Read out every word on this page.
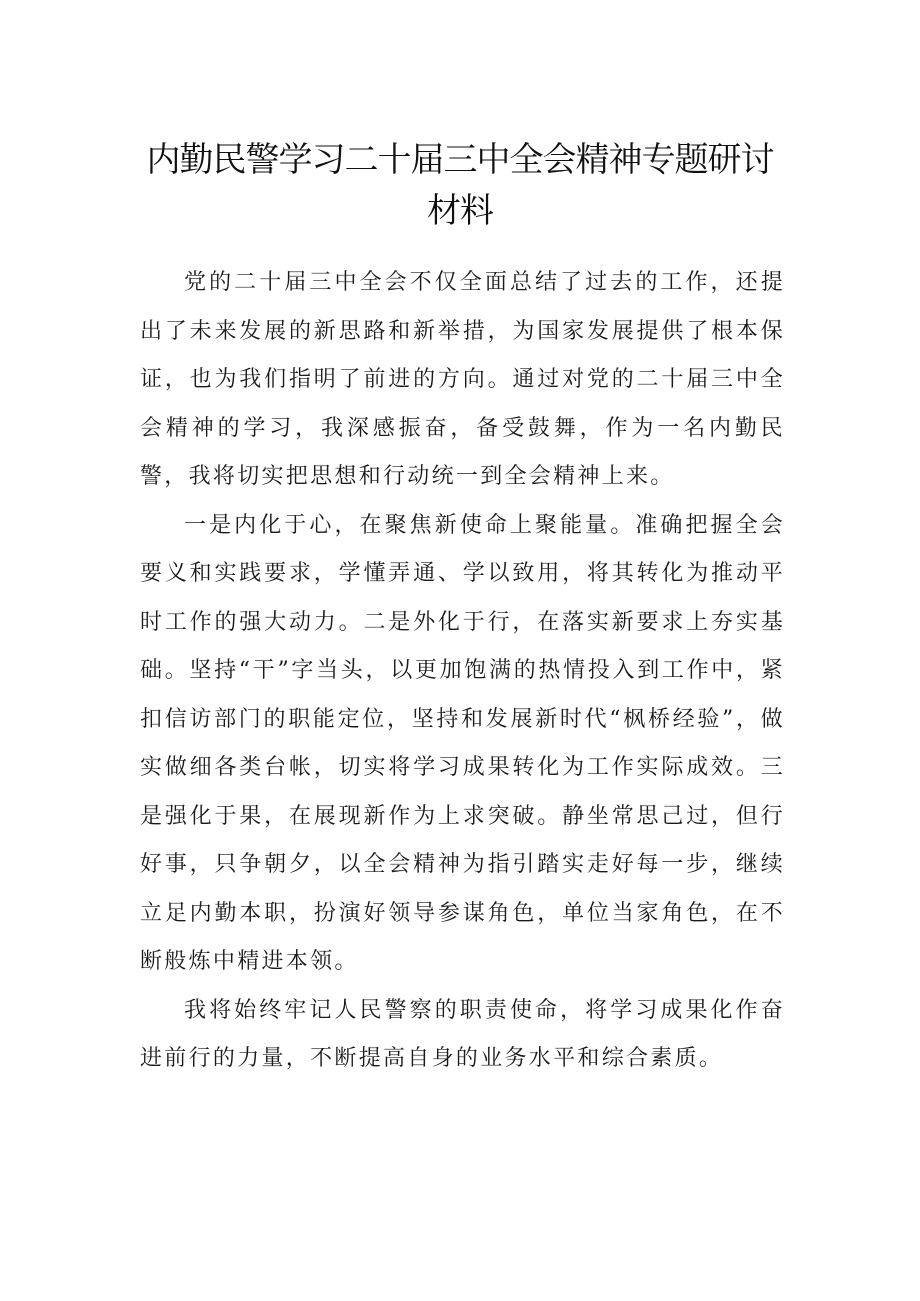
内勤民警学习二十届三中全会精神专题研讨材料

党的二十届三中全会不仅全面总结了过去的工作，还提出了未来发展的新思路和新举措，为国家发展提供了根本保证，也为我们指明了前进的方向。通过对党的二十届三中全会精神的学习，我深感振奋，备受鼓舞，作为一名内勤民警，我将切实把思想和行动统一到全会精神上来。

一是内化于心，在聚焦新使命上聚能量。准确把握全会要义和实践要求，学懂弄通、学以致用，将其转化为推动平时工作的强大动力。二是外化于行，在落实新要求上夯实基础。坚持“干”字当头，以更加饱满的热情投入到工作中，紧扣信访部门的职能定位，坚持和发展新时代“枫桥经验”，做实做细各类台帐，切实将学习成果转化为工作实际成效。三是强化于果，在展现新作为上求突破。静坐常思己过，但行好事，只争朝夕，以全会精神为指引踏实走好每一步，继续立足内勤本职，扮演好领导参谋角色，单位当家角色，在不断般炼中精进本领。

我将始终牢记人民警察的职责使命，将学习成果化作奋进前行的力量，不断提高自身的业务水平和综合素质。
